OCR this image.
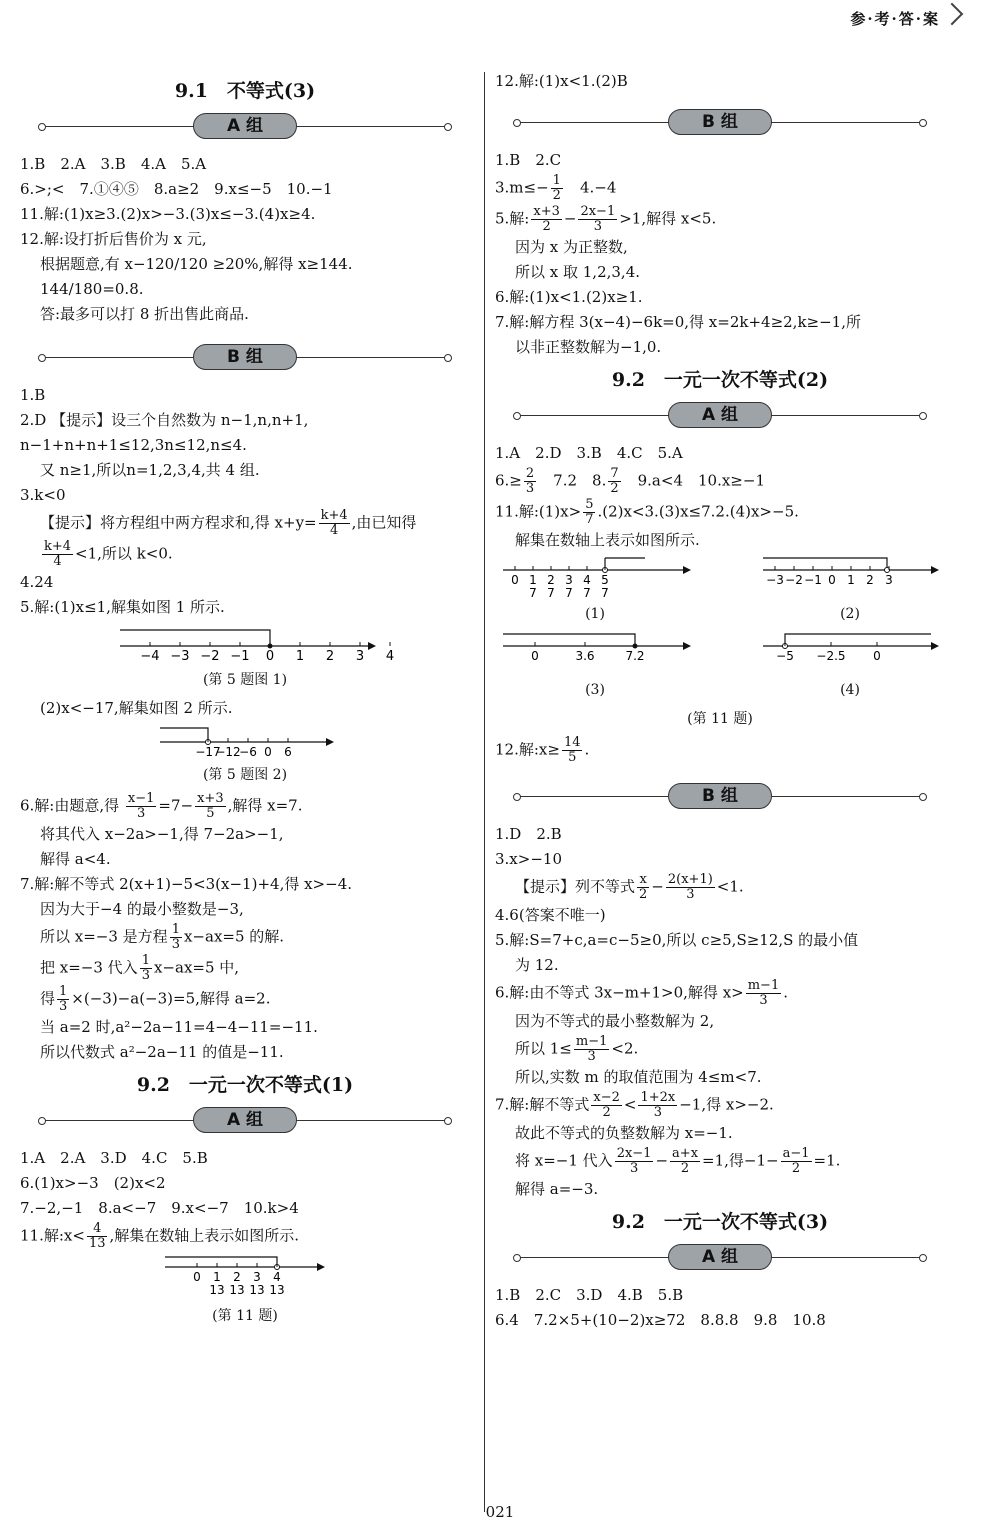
参·考·答·案
9.1　不等式(3)
A 组
1.B　2.A　3.B　4.A　5.A
6.>;<　7.①④⑤　8.a≥2　9.x≤−5　10.−1
11.解:(1)x≥3.(2)x>−3.(3)x≤−3.(4)x≥4.
12.解:设打折后售价为 x 元,
根据题意,有 x−120/120 ≥20%,解得 x≥144.
144/180=0.8.
答:最多可以打 8 折出售此商品.
B 组
1.B
2.D 【提示】设三个自然数为 n−1,n,n+1,
n−1+n+n+1≤12,3n≤12,n≤4.
又 n≥1,所以n=1,2,3,4,共 4 组.
3.k<0
【提示】将方程组中两方程求和,得 $x+y= \frac{k+4}{4}$ ,由已知得
$\frac{k+4}{4} <1$,所以 k<0.
4.24
5.解:(1)x≤1,解集如图 1 所示.
−4 −3 −2 −1 0 1 2 3 4
(第 5 题图 1)
(2)x<−17,解集如图 2 所示.
−17
−12
−6 0 6
(第 5 题图 2)
6.解:由题意,得 $\frac{x-1}{3} =7- \frac{x+3}{5}$ ,解得 x=7.
将其代入 x−2a>−1,得 7−2a>−1,
解得 a<4.
7.解:解不等式 2(x+1)−5<3(x−1)+4,得 x>−4.
因为大于−4 的最小整数是−3,
所以 x=−3 是方程 $\frac{1}{3} x-ax=5$ 的解.
把 x=−3 代入 $\frac{1}{3} x-ax=5$ 中,
得 $\frac{1}{3} \times(-3)-a(-3)=5$,解得 a=2.
当 a=2 时,a²−2a−11=4−4−11=−11.
所以代数式 a²−2a−11 的值是−11.
9.2　一元一次不等式(1)
A 组
1.A　2.A　3.D　4.C　5.B
6.(1)x>−3　(2)x<2
7.−2,−1　8.a<−7　9.x<−7　10.k>4
11.解:x< $\frac{4}{13}$ ,解集在数轴上表示如图所示.
0 1
13
2
13
3
13
4
13
(第 11 题)
12.解:(1)x<1.(2)B
B 组
1.B　2.C
$3.m\le- \frac{1}{2}$ 　4.−4
5.解: $\frac{x+3}{2} - \frac{2x-1}{3} >1$,解得 x<5.
因为 x 为正整数,
所以 x 取 1,2,3,4.
6.解:(1)x<1.(2)x≥1.
7.解:解方程 3(x−4)−6k=0,得 x=2k+4≥2,k≥−1,所
以非正整数解为−1,0.
9.2　一元一次不等式(2)
A 组
1.A　2.D　3.B　4.C　5.A
$6.\ge \frac{2}{3}$ 　7.2　8. $\frac{7}{2}$ 　9.a<4　10.x≥−1
11.解:(1)x> $\frac{5}{7} .(2)x<3.(3)x\le 7.2.(4)x>-5$.
解集在数轴上表示如图所示.
0 1
7
2
7
3
7
4
7
5
7
(1)
−3 −2 −1 0 1 2 3
(2)
0	3.6	7.2
(3)
−5 −2.5 0
(4)
(第 11 题)
12.解:x≥ $\frac{14}{5}$ .
B 组
1.D　2.B
3.x>−10
【提示】列不等式 $\frac{x}{2} - \frac{2(x+1)}{3} <1$.
4.6(答案不唯一)
5.解:S=7+c,a=c−5≥0,所以 c≥5,S≥12,S 的最小值
为 12.
6.解:由不等式 3x−m+1>0,解得 $x> \frac{m-1}{3}$ .
因为不等式的最小整数解为 2,
所以 $1\le \frac{m-1}{3} <2$.
所以,实数 m 的取值范围为 4≤m<7.
7.解:解不等式 $\frac{x-2}{2} < \frac{1+2x}{3} -1$,得 x>−2.
故此不等式的负整数解为 x=−1.
将 x=−1 代入 $\frac{2x-1}{3} - \frac{a+x}{2} =1$,得$-1- \frac{a-1}{2} =1$.
解得 a=−3.
9.2　一元一次不等式(3)
A 组
1.B　2.C　3.D　4.B　5.B
6.4　7.2×5+(10−2)x≥72　8.8.8　9.8　10.8
021
